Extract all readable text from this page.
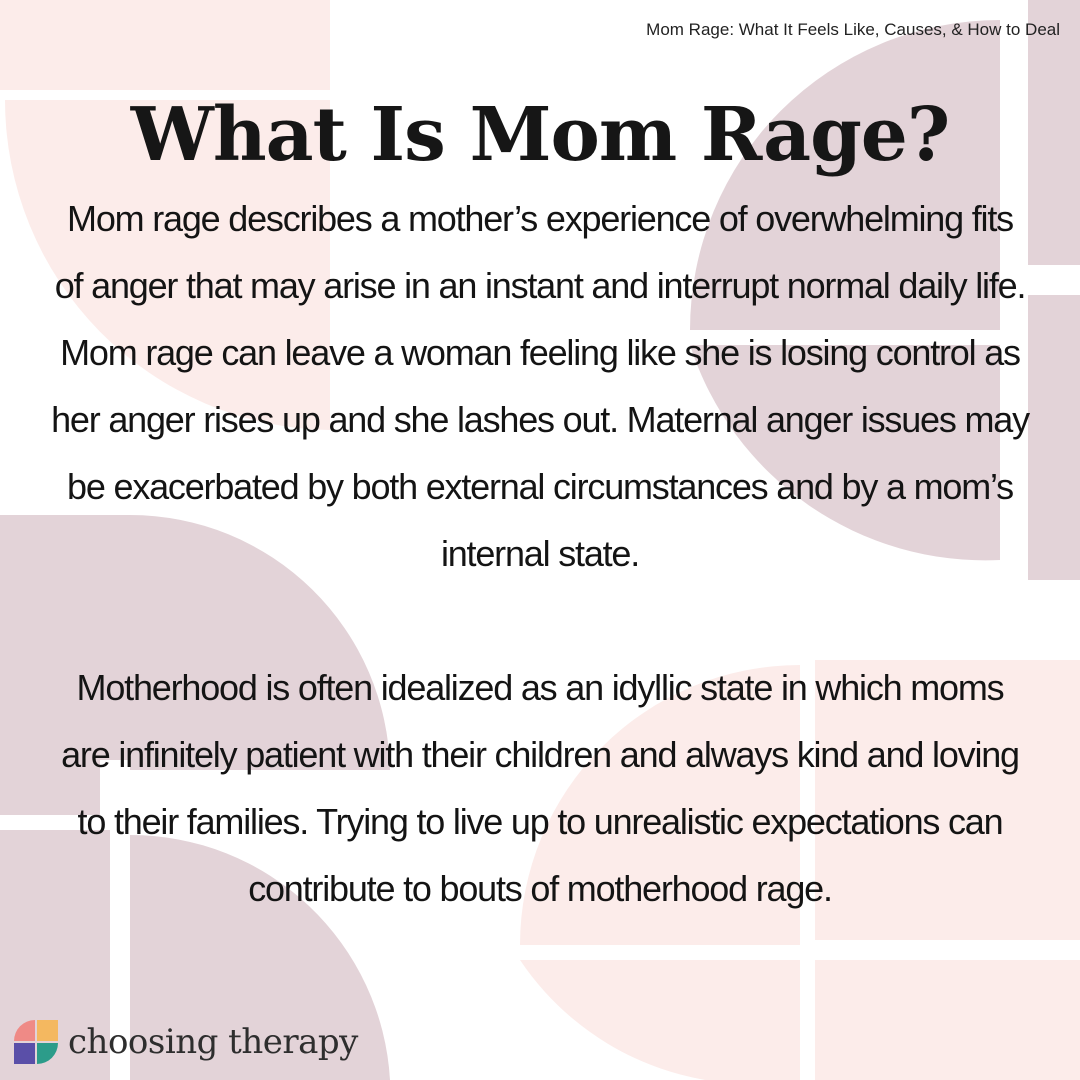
Mom Rage: What It Feels Like, Causes, & How to Deal
What Is Mom Rage?

Mom rage describes a mother’s experience of overwhelming fits of anger that may arise in an instant and interrupt normal daily life. Mom rage can leave a woman feeling like she is losing control as her anger rises up and she lashes out. Maternal anger issues may be exacerbated by both external circumstances and by a mom’s internal state.

Motherhood is often idealized as an idyllic state in which moms are infinitely patient with their children and always kind and loving to their families. Trying to live up to unrealistic expectations can contribute to bouts of motherhood rage.

choosing therapy
